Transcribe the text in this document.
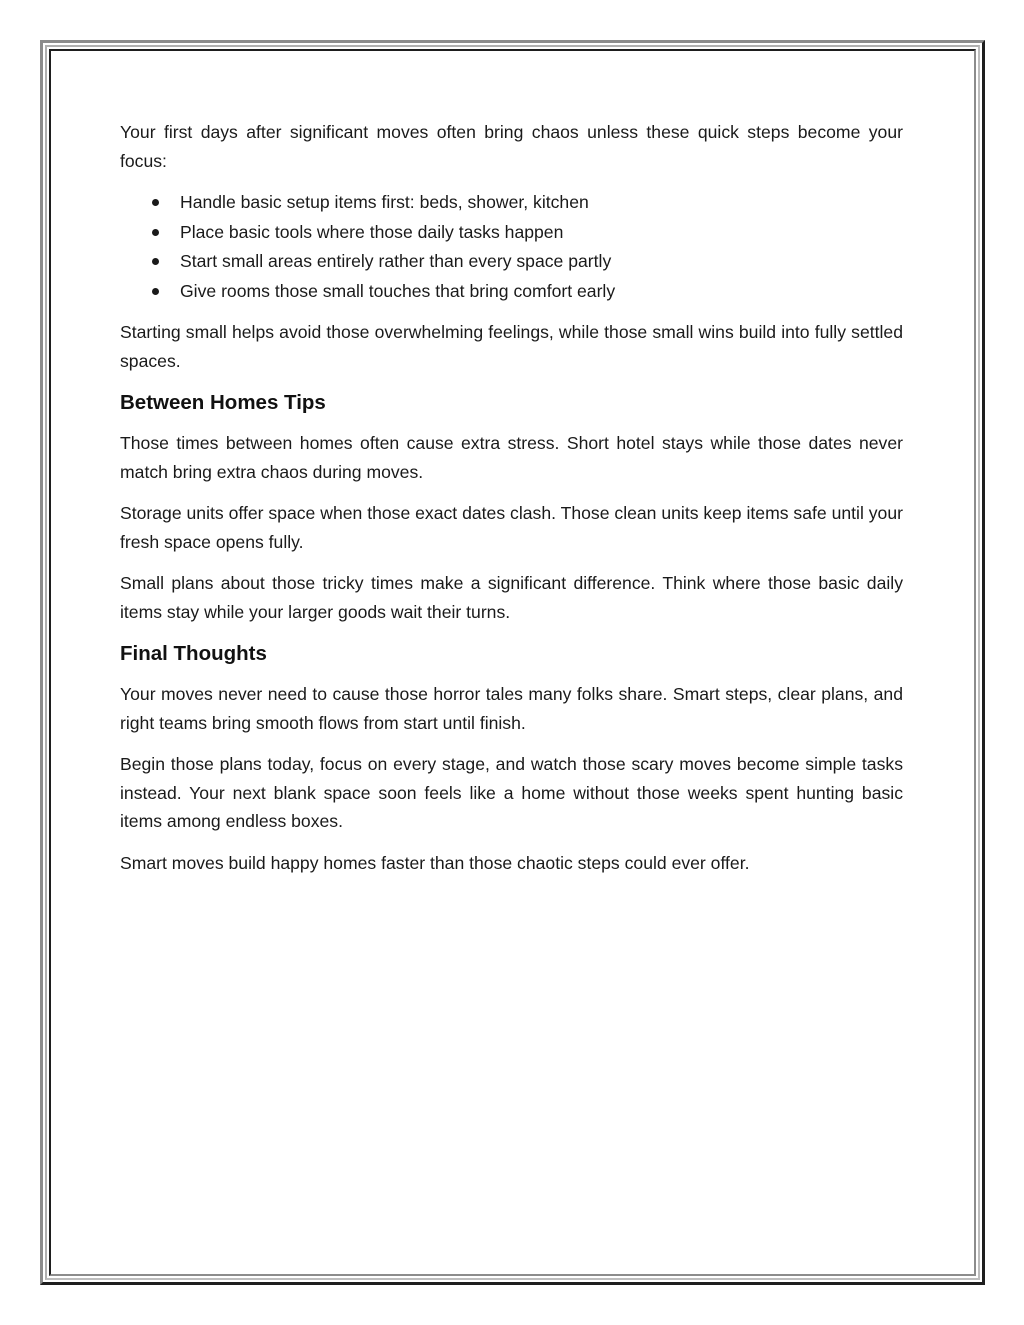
Your first days after significant moves often bring chaos unless these quick steps become your focus:

Handle basic setup items first: beds, shower, kitchen
Place basic tools where those daily tasks happen
Start small areas entirely rather than every space partly
Give rooms those small touches that bring comfort early

Starting small helps avoid those overwhelming feelings, while those small wins build into fully settled spaces.

Between Homes Tips

Those times between homes often cause extra stress. Short hotel stays while those dates never match bring extra chaos during moves.

Storage units offer space when those exact dates clash. Those clean units keep items safe until your fresh space opens fully.

Small plans about those tricky times make a significant difference. Think where those basic daily items stay while your larger goods wait their turns.

Final Thoughts

Your moves never need to cause those horror tales many folks share. Smart steps, clear plans, and right teams bring smooth flows from start until finish.

Begin those plans today, focus on every stage, and watch those scary moves become simple tasks instead. Your next blank space soon feels like a home without those weeks spent hunting basic items among endless boxes.

Smart moves build happy homes faster than those chaotic steps could ever offer.
